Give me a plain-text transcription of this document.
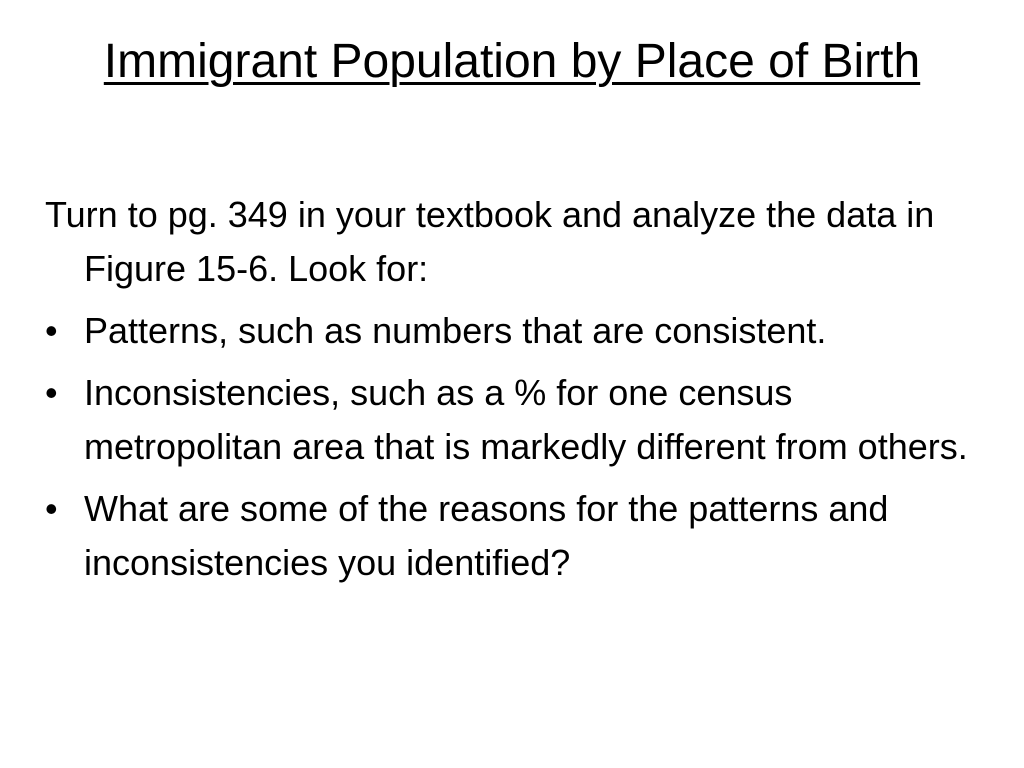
Immigrant Population by Place of Birth

Turn to pg. 349 in your textbook and analyze the data in Figure 15-6. Look for:

• Patterns, such as numbers that are consistent.
• Inconsistencies, such as a % for one census metropolitan area that is markedly different from others.
• What are some of the reasons for the patterns and inconsistencies you identified?
